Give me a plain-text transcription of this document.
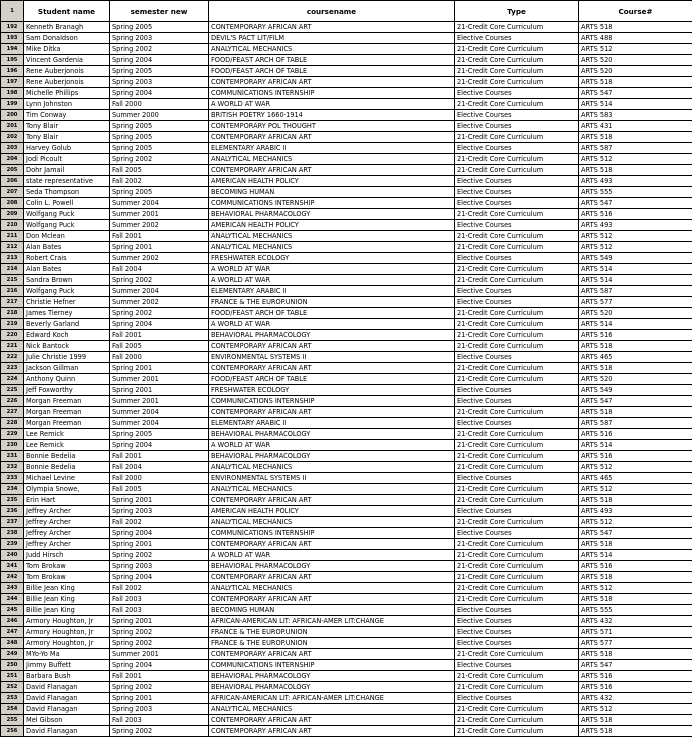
1	Student name	semester new	coursename	Type	Course#
192	Kenneth Branagh	Spring 2005	CONTEMPORARY AFRICAN ART	21-Credit Core Curriculum	ARTS 518
193	Sam Donaldson	Spring 2003	DEVIL'S PACT LIT/FILM	Elective Courses	ARTS 488
194	Mike Ditka	Spring 2002	ANALYTICAL MECHANICS	21-Credit Core Curriculum	ARTS 512
195	Vincent Gardenia	Spring 2004	FOOD/FEAST ARCH OF TABLE	21-Credit Core Curriculum	ARTS 520
196	Rene Auberjonois	Spring 2005	FOOD/FEAST ARCH OF TABLE	21-Credit Core Curriculum	ARTS 520
197	Rene Auberjonois	Spring 2003	CONTEMPORARY AFRICAN ART	21-Credit Core Curriculum	ARTS 518
198	Michelle Phillips	Spring 2004	COMMUNICATIONS INTERNSHIP	Elective Courses	ARTS 547
199	Lynn Johnston	Fall 2000	A WORLD AT WAR	21-Credit Core Curriculum	ARTS 514
200	Tim Conway	Summer 2000	BRITISH POETRY 1660-1914	Elective Courses	ARTS 583
201	Tony Blair	Spring 2005	CONTEMPORARY POL THOUGHT	Elective Courses	ARTS 431
202	Tony Blair	Spring 2005	CONTEMPORARY AFRICAN ART	21-Credit Core Curriculum	ARTS 518
203	Harvey Golub	Spring 2005	ELEMENTARY ARABIC II	Elective Courses	ARTS 587
204	Jodi Picoult	Spring 2002	ANALYTICAL MECHANICS	21-Credit Core Curriculum	ARTS 512
205	Dohr Jamail	Fall 2005	CONTEMPORARY AFRICAN ART	21-Credit Core Curriculum	ARTS 518
206	state representative	Fall 2002	AMERICAN HEALTH POLICY	Elective Courses	ARTS 493
207	Seda Thompson	Spring 2005	BECOMING HUMAN	Elective Courses	ARTS 555
208	Colin L. Powell	Summer 2004	COMMUNICATIONS INTERNSHIP	Elective Courses	ARTS 547
209	Wolfgang Puck	Summer 2001	BEHAVIORAL PHARMACOLOGY	21-Credit Core Curriculum	ARTS 516
210	Wolfgang Puck	Summer 2002	AMERICAN HEALTH POLICY	Elective Courses	ARTS 493
211	Don Mclean	Fall 2001	ANALYTICAL MECHANICS	21-Credit Core Curriculum	ARTS 512
212	Alan Bates	Spring 2001	ANALYTICAL MECHANICS	21-Credit Core Curriculum	ARTS 512
213	Robert Crais	Summer 2002	FRESHWATER ECOLOGY	Elective Courses	ARTS 549
214	Alan Bates	Fall 2004	A WORLD AT WAR	21-Credit Core Curriculum	ARTS 514
215	Sandra Brown	Spring 2002	A WORLD AT WAR	21-Credit Core Curriculum	ARTS 514
216	Wolfgang Puck	Summer 2004	ELEMENTARY ARABIC II	Elective Courses	ARTS 587
217	Christie Hefner	Summer 2002	FRANCE & THE EUROP.UNION	Elective Courses	ARTS 577
218	James Tierney	Spring 2002	FOOD/FEAST ARCH OF TABLE	21-Credit Core Curriculum	ARTS 520
219	Beverly Garland	Spring 2004	A WORLD AT WAR	21-Credit Core Curriculum	ARTS 514
220	Edward Koch	Fall 2001	BEHAVIORAL PHARMACOLOGY	21-Credit Core Curriculum	ARTS 516
221	Nick Bantock	Fall 2005	CONTEMPORARY AFRICAN ART	21-Credit Core Curriculum	ARTS 518
222	Julie Christie 1999	Fall 2000	ENVIRONMENTAL SYSTEMS II	Elective Courses	ARTS 465
223	Jackson Gillman	Spring 2001	CONTEMPORARY AFRICAN ART	21-Credit Core Curriculum	ARTS 518
224	Anthony Quinn	Summer 2001	FOOD/FEAST ARCH OF TABLE	21-Credit Core Curriculum	ARTS 520
225	Jeff Foxworthy	Spring 2001	FRESHWATER ECOLOGY	Elective Courses	ARTS 549
226	Morgan Freeman	Summer 2001	COMMUNICATIONS INTERNSHIP	Elective Courses	ARTS 547
227	Morgan Freeman	Summer 2004	CONTEMPORARY AFRICAN ART	21-Credit Core Curriculum	ARTS 518
228	Morgan Freeman	Summer 2004	ELEMENTARY ARABIC II	Elective Courses	ARTS 587
229	Lee Remick	Spring 2005	BEHAVIORAL PHARMACOLOGY	21-Credit Core Curriculum	ARTS 516
230	Lee Remick	Spring 2004	A WORLD AT WAR	21-Credit Core Curriculum	ARTS 514
231	Bonnie Bedelia	Fall 2001	BEHAVIORAL PHARMACOLOGY	21-Credit Core Curriculum	ARTS 516
232	Bonnie Bedelia	Fall 2004	ANALYTICAL MECHANICS	21-Credit Core Curriculum	ARTS 512
233	Michael Levine	Fall 2000	ENVIRONMENTAL SYSTEMS II	Elective Courses	ARTS 465
234	Olympia Snowe,	Fall 2005	ANALYTICAL MECHANICS	21-Credit Core Curriculum	ARTS 512
235	Erin Hart	Spring 2001	CONTEMPORARY AFRICAN ART	21-Credit Core Curriculum	ARTS 518
236	Jeffrey Archer	Spring 2003	AMERICAN HEALTH POLICY	Elective Courses	ARTS 493
237	Jeffrey Archer	Fall 2002	ANALYTICAL MECHANICS	21-Credit Core Curriculum	ARTS 512
238	Jeffrey Archer	Spring 2004	COMMUNICATIONS INTERNSHIP	Elective Courses	ARTS 547
239	Jeffrey Archer	Spring 2001	CONTEMPORARY AFRICAN ART	21-Credit Core Curriculum	ARTS 518
240	Judd Hirsch	Spring 2002	A WORLD AT WAR	21-Credit Core Curriculum	ARTS 514
241	Tom Brokaw	Spring 2003	BEHAVIORAL PHARMACOLOGY	21-Credit Core Curriculum	ARTS 516
242	Tom Brokaw	Spring 2004	CONTEMPORARY AFRICAN ART	21-Credit Core Curriculum	ARTS 518
243	Billie Jean King	Fall 2002	ANALYTICAL MECHANICS	21-Credit Core Curriculum	ARTS 512
244	Billie Jean King	Fall 2003	CONTEMPORARY AFRICAN ART	21-Credit Core Curriculum	ARTS 518
245	Billie Jean King	Fall 2003	BECOMING HUMAN	Elective Courses	ARTS 555
246	Armory Houghton, Jr	Spring 2001	AFRICAN-AMERICAN LIT: AFRICAN-AMER LIT:CHANGE	Elective Courses	ARTS 432
247	Armory Houghton, Jr	Spring 2002	FRANCE & THE EUROP.UNION	Elective Courses	ARTS 571
248	Armory Houghton, Jr	Spring 2002	FRANCE & THE EUROP.UNION	Elective Courses	ARTS 577
249	MYo-Yo Ma	Summer 2001	CONTEMPORARY AFRICAN ART	21-Credit Core Curriculum	ARTS 518
250	Jimmy Buffett	Spring 2004	COMMUNICATIONS INTERNSHIP	Elective Courses	ARTS 547
251	Barbara Bush	Fall 2001	BEHAVIORAL PHARMACOLOGY	21-Credit Core Curriculum	ARTS 516
252	David Flanagan	Spring 2002	BEHAVIORAL PHARMACOLOGY	21-Credit Core Curriculum	ARTS 516
253	David Flanagan	Spring 2001	AFRICAN-AMERICAN LIT: AFRICAN-AMER LIT:CHANGE	Elective Courses	ARTS 432
254	David Flanagan	Spring 2003	ANALYTICAL MECHANICS	21-Credit Core Curriculum	ARTS 512
255	Mel Gibson	Fall 2003	CONTEMPORARY AFRICAN ART	21-Credit Core Curriculum	ARTS 518
256	David Flanagan	Spring 2002	CONTEMPORARY AFRICAN ART	21-Credit Core Curriculum	ARTS 518
